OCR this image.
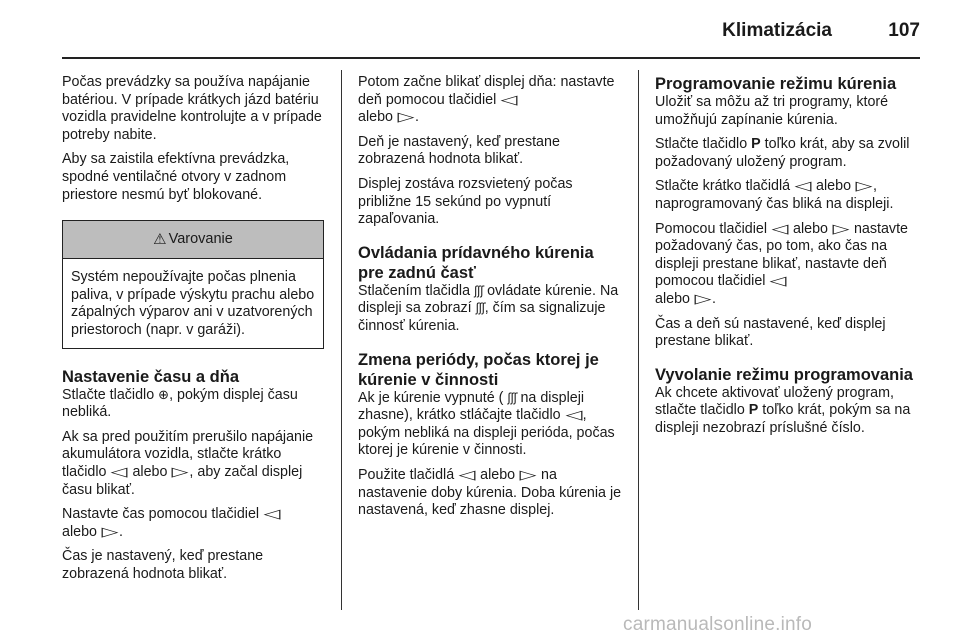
Klimatizácia	107

Počas prevádzky sa používa napájanie batériou. V prípade krátkych jázd batériu vozidla pravidelne kontrolujte a v prípade potreby nabite.

Aby sa zaistila efektívna prevádzka, spodné ventilačné otvory v zadnom priestore nesmú byť blokované.

⚠ Varovanie
Systém nepoužívajte počas plnenia paliva, v prípade výskytu prachu alebo zápalných výparov ani v uzatvorených priestoroch (napr. v garáži).
Nastavenie času a dňa

Stlačte tlačidlo ⊕, pokým displej času nebliká.

Ak sa pred použitím prerušilo napájanie akumulátora vozidla, stlačte krátko tlačidlo ◁ alebo ▷, aby začal displej času blikať.

Nastavte čas pomocou tlačidiel ◁
alebo ▷.

Čas je nastavený, keď prestane zobrazená hodnota blikať.

Potom začne blikať displej dňa: nastavte deň pomocou tlačidiel ◁
alebo ▷.

Deň je nastavený, keď prestane zobrazená hodnota blikať.

Displej zostáva rozsvietený počas približne 15 sekúnd po vypnutí zapaľovania.

Ovládania prídavného kúrenia pre zadnú časť

Stlačením tlačidla ʃʃʃ ovládate kúrenie. Na displeji sa zobrazí ʃʃʃ, čím sa signalizuje činnosť kúrenia.

Zmena periódy, počas ktorej je kúrenie v činnosti

Ak je kúrenie vypnuté ( ʃʃʃ na displeji zhasne), krátko stláčajte tlačidlo ◁, pokým nebliká na displeji perióda, počas ktorej je kúrenie v činnosti.

Použite tlačidlá ◁ alebo ▷ na nastavenie doby kúrenia. Doba kúrenia je nastavená, keď zhasne displej.

Programovanie režimu kúrenia

Uložiť sa môžu až tri programy, ktoré umožňujú zapínanie kúrenia.

Stlačte tlačidlo P toľko krát, aby sa zvolil požadovaný uložený program.

Stlačte krátko tlačidlá ◁ alebo ▷, naprogramovaný čas bliká na displeji.

Pomocou tlačidiel ◁ alebo ▷ nastavte požadovaný čas, po tom, ako čas na displeji prestane blikať, nastavte deň pomocou tlačidiel ◁
alebo ▷.

Čas a deň sú nastavené, keď displej prestane blikať.

Vyvolanie režimu programovania

Ak chcete aktivovať uložený program, stlačte tlačidlo P toľko krát, pokým sa na displeji nezobrazí príslušné číslo.

carmanualsonline.info
